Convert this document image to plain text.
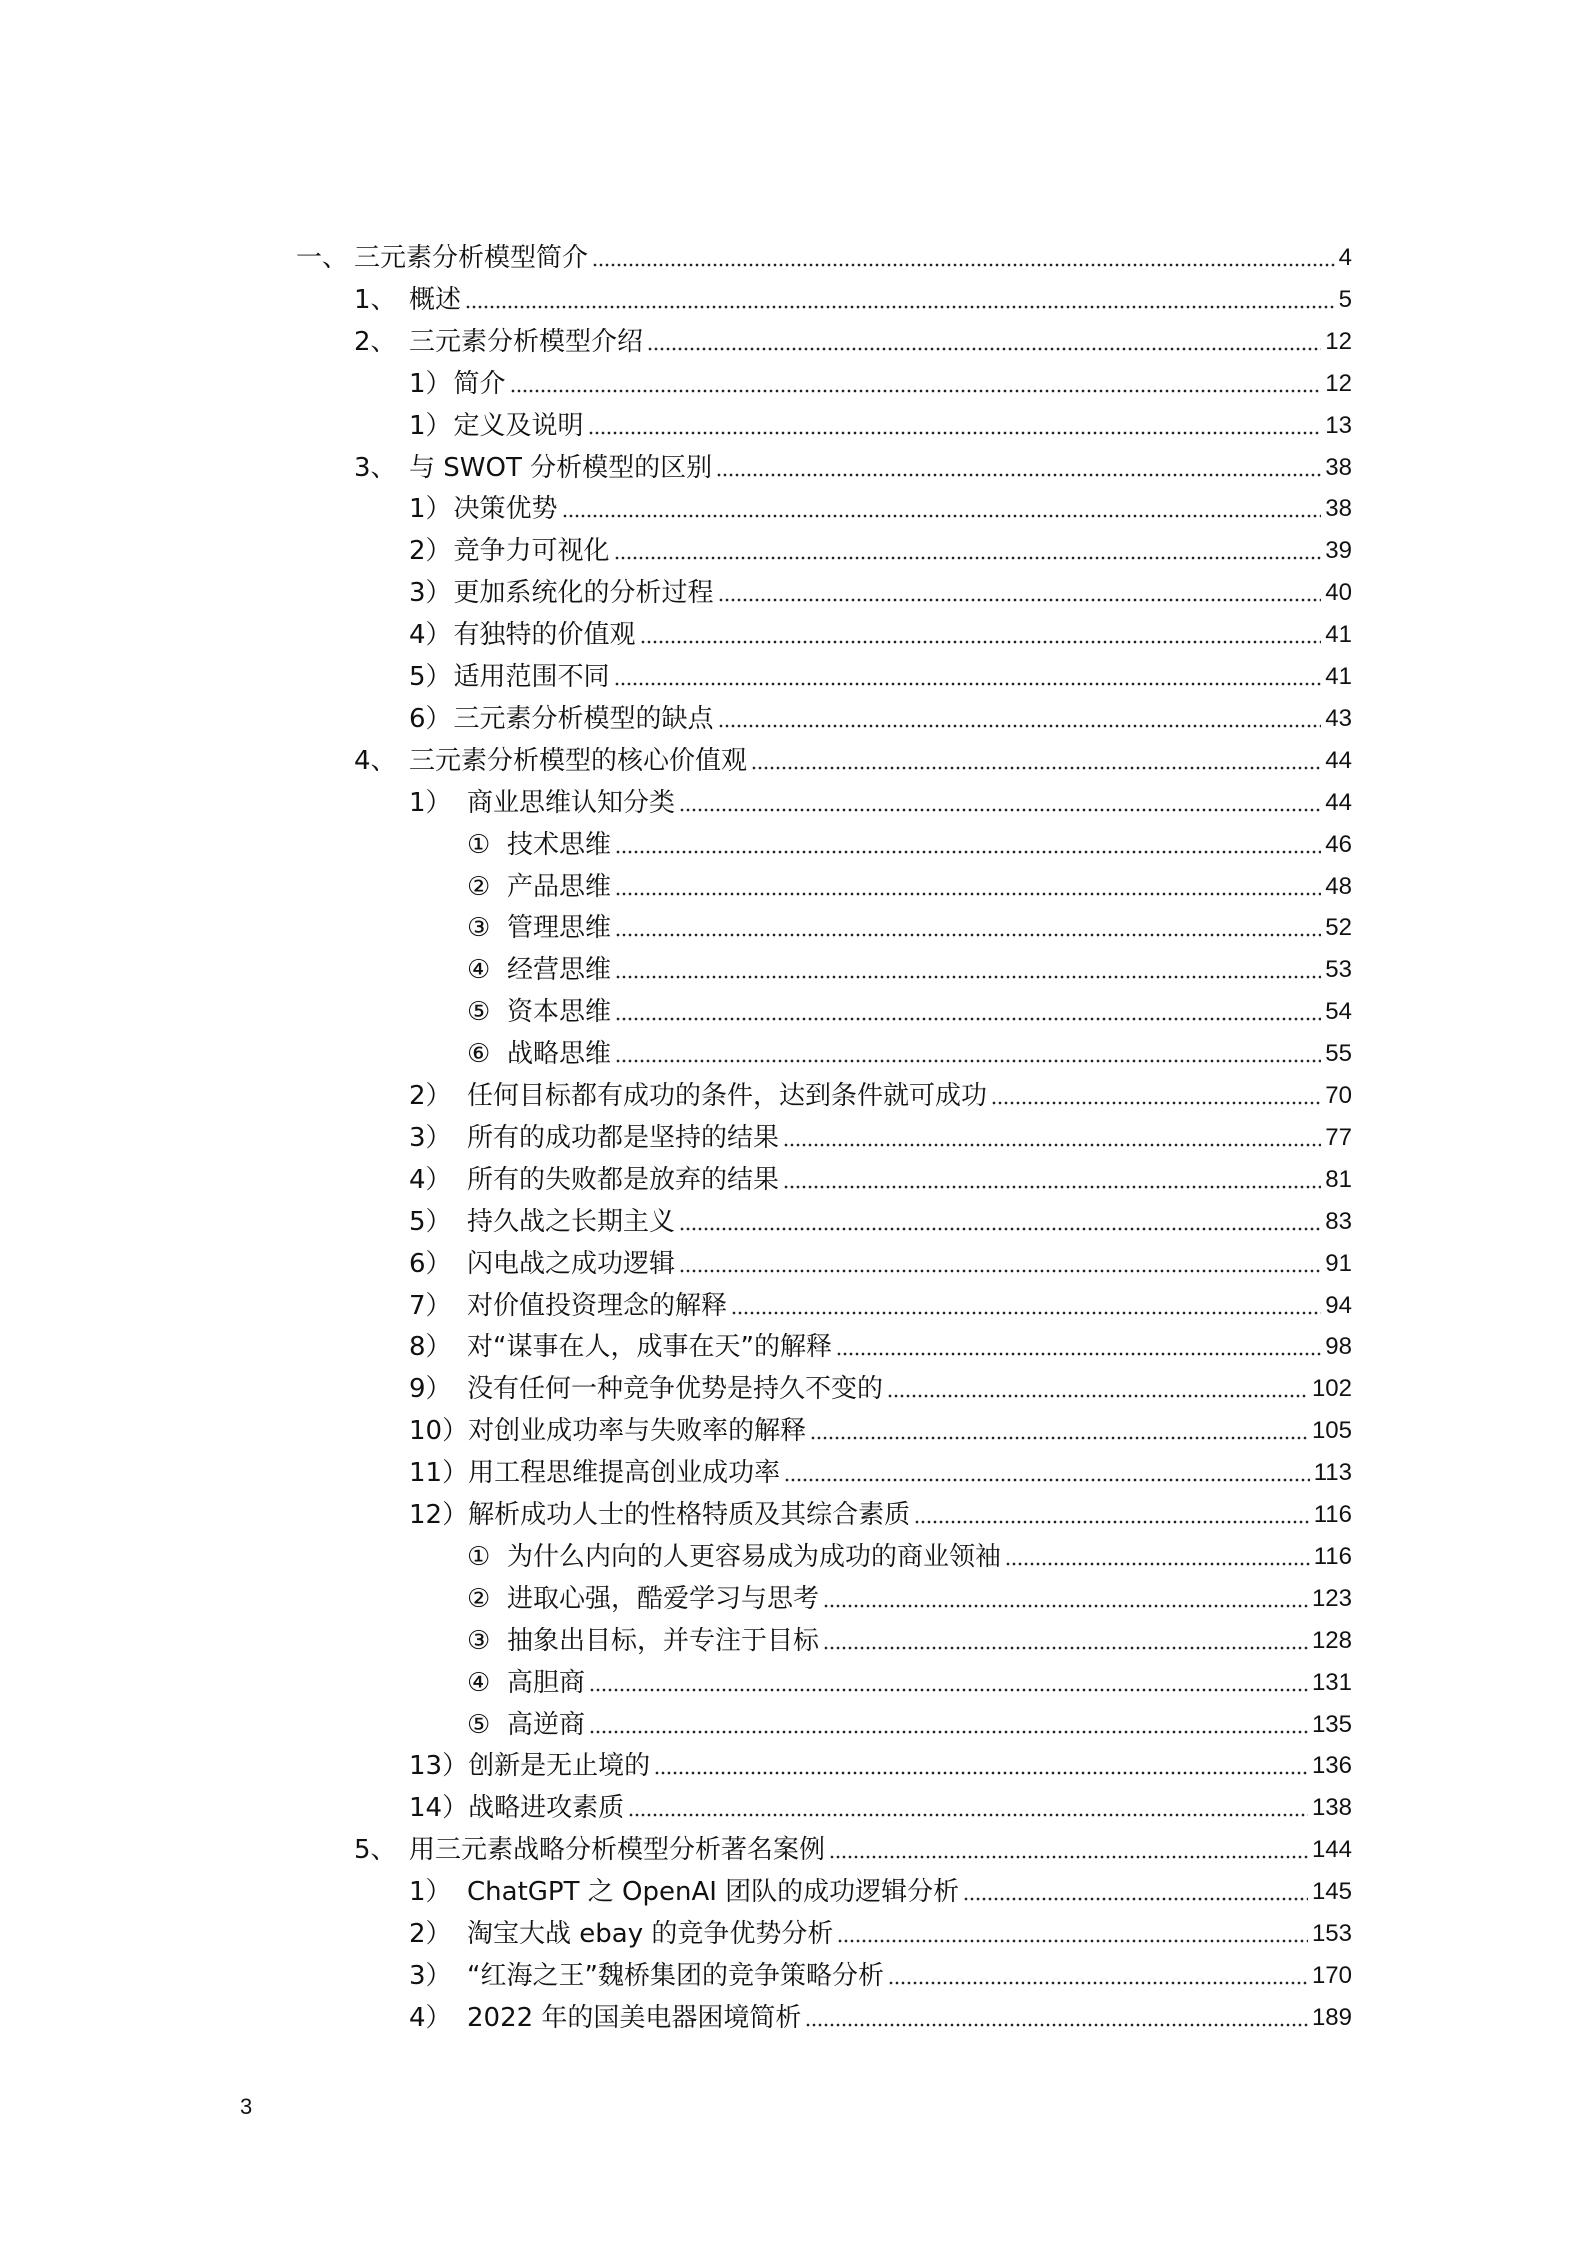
一、 三元素分析模型简介	4
1、 概述	5
2、 三元素分析模型介绍	12
1）简介	12
1）定义及说明	13
3、 与 SWOT 分析模型的区别	38
1）决策优势	38
2）竞争力可视化	39
3）更加系统化的分析过程	40
4）有独特的价值观	41
5）适用范围不同	41
6）三元素分析模型的缺点	43
4、 三元素分析模型的核心价值观	44
1） 商业思维认知分类	44
① 技术思维	46
② 产品思维	48
③ 管理思维	52
④ 经营思维	53
⑤ 资本思维	54
⑥ 战略思维	55
2） 任何目标都有成功的条件，达到条件就可成功	70
3） 所有的成功都是坚持的结果	77
4） 所有的失败都是放弃的结果	81
5） 持久战之长期主义	83
6） 闪电战之成功逻辑	91
7） 对价值投资理念的解释	94
8） 对“谋事在人，成事在天”的解释	98
9） 没有任何一种竞争优势是持久不变的	102
10）对创业成功率与失败率的解释	105
11）用工程思维提高创业成功率	113
12）解析成功人士的性格特质及其综合素质	116
① 为什么内向的人更容易成为成功的商业领袖	116
② 进取心强，酷爱学习与思考	123
③ 抽象出目标，并专注于目标	128
④ 高胆商	131
⑤ 高逆商	135
13）创新是无止境的	136
14）战略进攻素质	138
5、 用三元素战略分析模型分析著名案例	144
1） ChatGPT 之 OpenAI 团队的成功逻辑分析	145
2） 淘宝大战 ebay 的竞争优势分析	153
3） “红海之王”魏桥集团的竞争策略分析	170
4） 2022 年的国美电器困境简析	189
3
